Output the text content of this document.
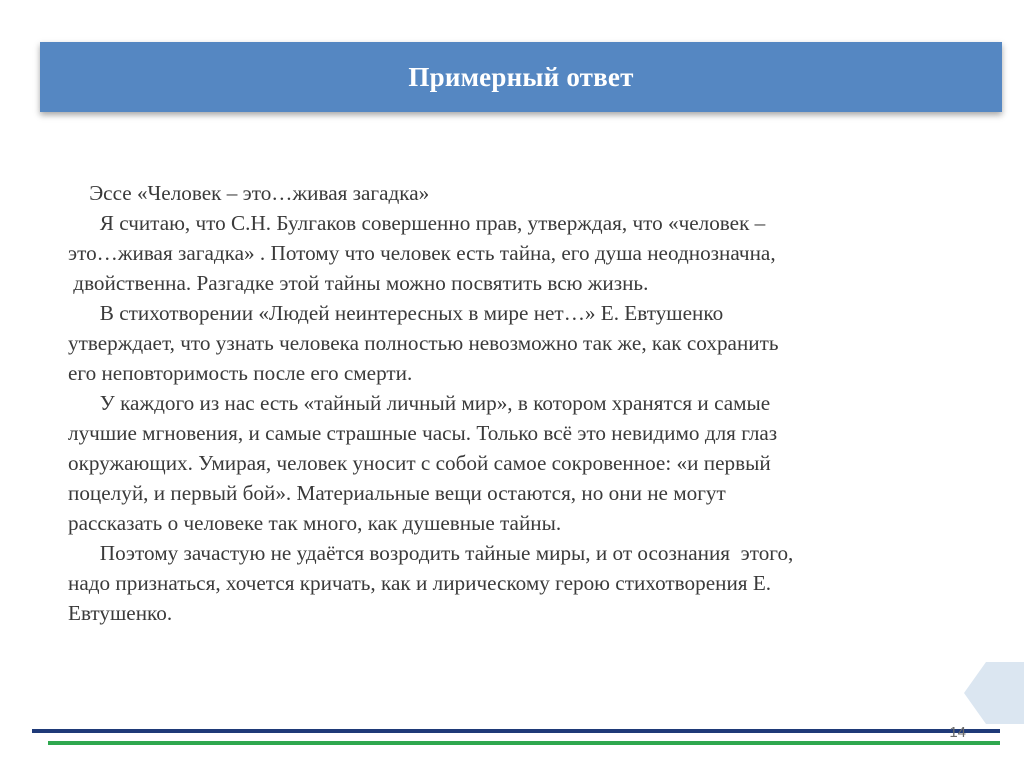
Примерный ответ
Эссе «Человек – это…живая загадка»
Я считаю, что С.Н. Булгаков совершенно прав, утверждая, что «человек –
это…живая загадка» . Потому что человек есть тайна, его душа неоднозначна,
двойственна. Разгадке этой тайны можно посвятить всю жизнь.
В стихотворении «Людей неинтересных в мире нет…» Е. Евтушенко
утверждает, что узнать человека полностью невозможно так же, как сохранить
его неповторимость после его смерти.
У каждого из нас есть «тайный личный мир», в котором хранятся и самые
лучшие мгновения, и самые страшные часы. Только всё это невидимо для глаз
окружающих. Умирая, человек уносит с собой самое сокровенное: «и первый
поцелуй, и первый бой». Материальные вещи остаются, но они не могут
рассказать о человеке так много, как душевные тайны.
Поэтому зачастую не удаётся возродить тайные миры, и от осознания  этого,
надо признаться, хочется кричать, как и лирическому герою стихотворения Е.
Евтушенко.
14
